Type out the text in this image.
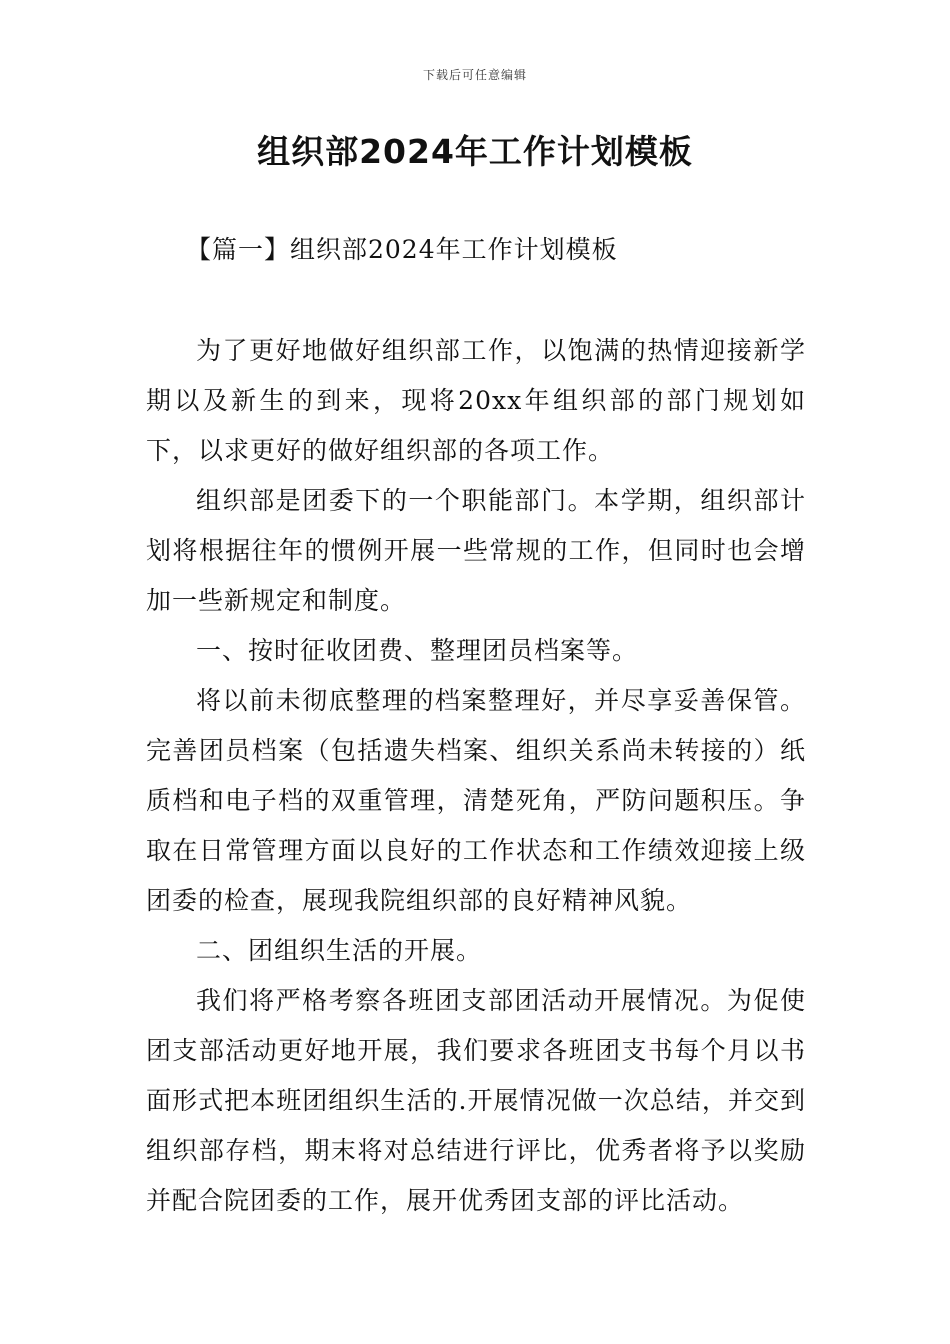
下载后可任意编辑
组织部2024年工作计划模板
【篇一】组织部2024年工作计划模板

为了更好地做好组织部工作，以饱满的热情迎接新学期以及新生的到来，现将20xx年组织部的部门规划如下，以求更好的做好组织部的各项工作。

组织部是团委下的一个职能部门。本学期，组织部计划将根据往年的惯例开展一些常规的工作，但同时也会增加一些新规定和制度。

一、按时征收团费、整理团员档案等。

将以前未彻底整理的档案整理好，并尽享妥善保管。完善团员档案（包括遗失档案、组织关系尚未转接的）纸质档和电子档的双重管理，清楚死角，严防问题积压。争取在日常管理方面以良好的工作状态和工作绩效迎接上级团委的检查，展现我院组织部的良好精神风貌。

二、团组织生活的开展。

我们将严格考察各班团支部团活动开展情况。为促使团支部活动更好地开展，我们要求各班团支书每个月以书面形式把本班团组织生活的.开展情况做一次总结，并交到组织部存档，期末将对总结进行评比，优秀者将予以奖励并配合院团委的工作，展开优秀团支部的评比活动。
